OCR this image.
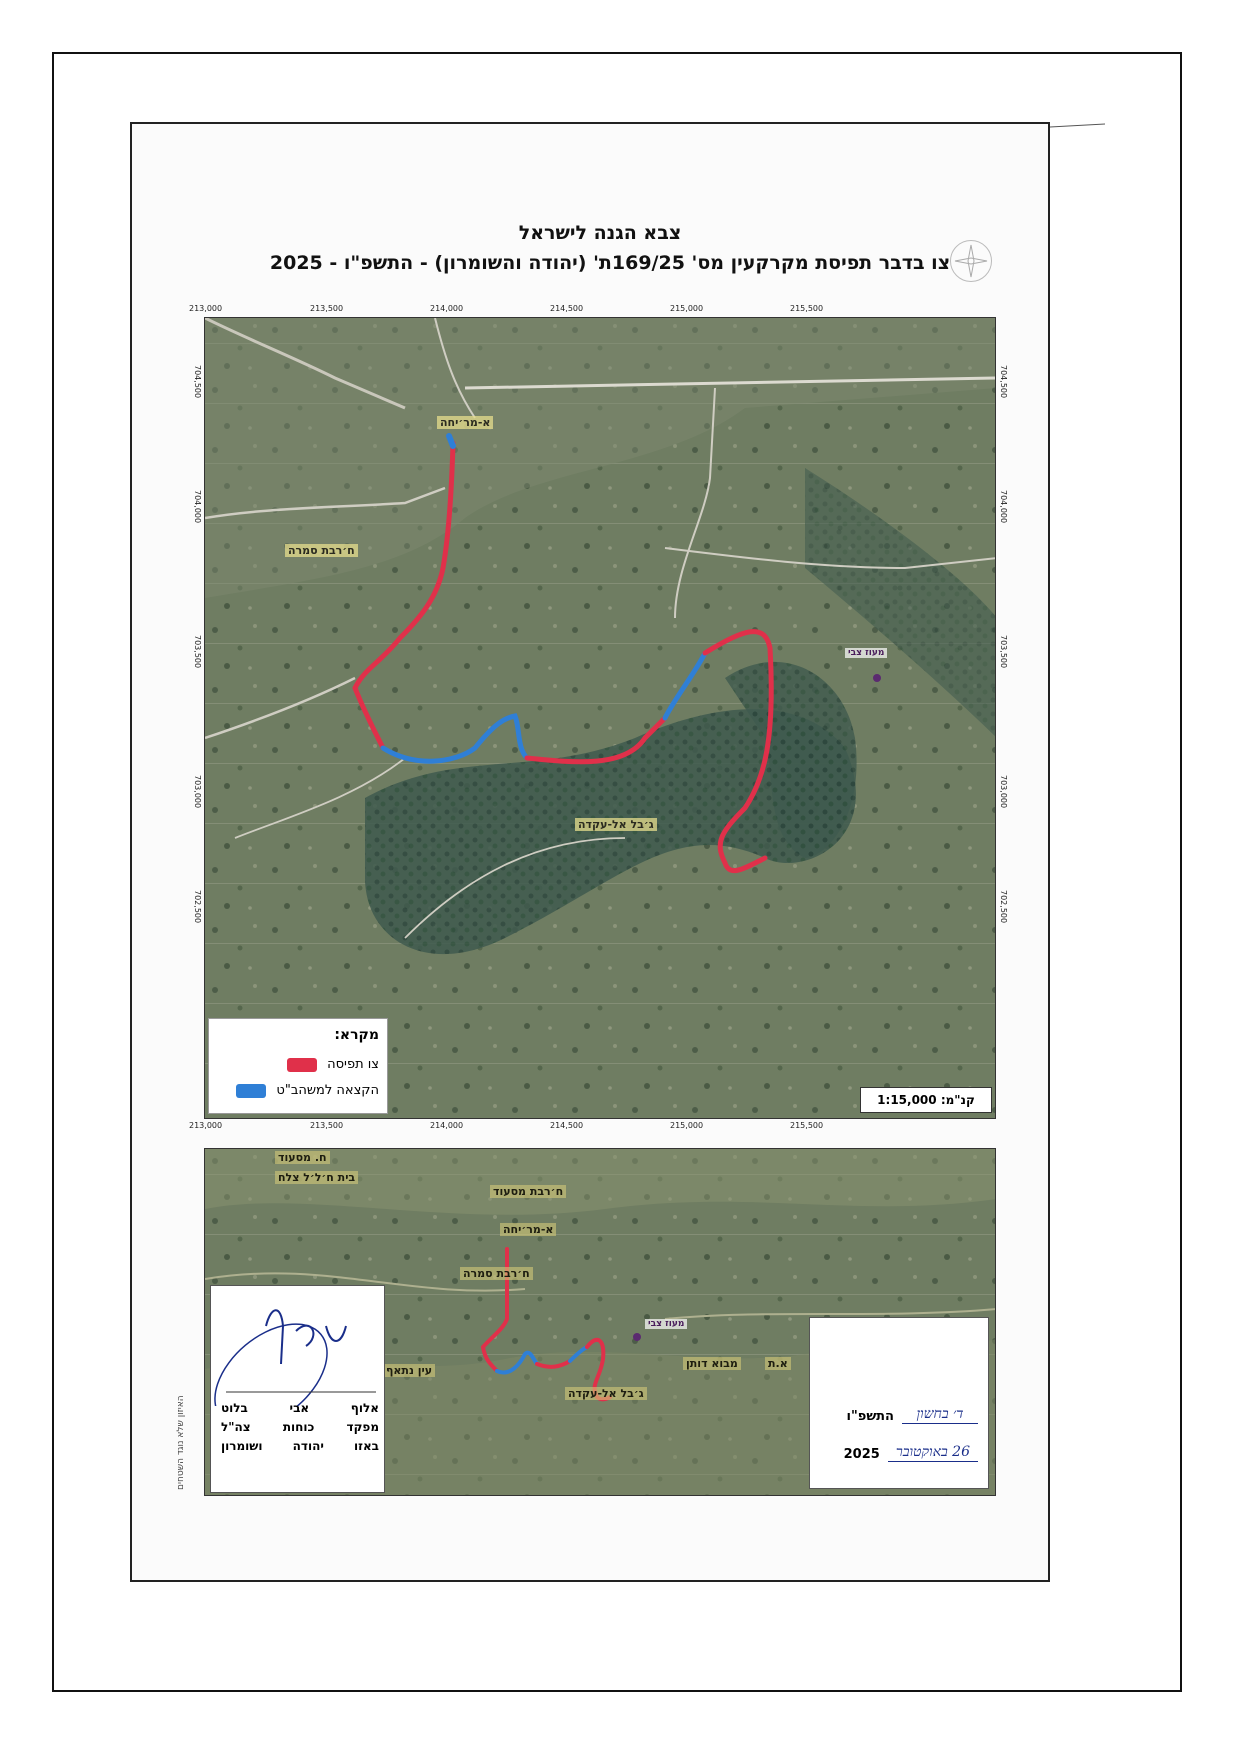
צבא הגנה לישראל
צו בדבר תפיסת מקרקעין מס' 169/25ת' (יהודה והשומרון) - התשפ"ו - 2025
213,000	213,500	214,000	214,500	215,000	215,500
213,000	213,500	214,000	214,500	215,000	215,500
704,500
704,000
703,500
703,000
702,500
704,500
704,000
703,500
703,000
702,500
א-מר׳יחה
ח׳רבת סמרה
ג׳בל אל-עקדה
מעוז צבי
מקרא:
צו תפיסה
הקצאה למשהב"ט
קנ"מ: 1:15,000
ח. מסעוד
בית ח׳ל׳ל צלח
ח׳רבת מסעוד
א-מר׳יחה
ח׳רבת סמרה
מעוז צבי
עין נתאף
ג׳בל אל-עקדה
מבוא דותן	א.ת
אלוף
אבי
בלוט
מפקד
כוחות
צה"ל
באזו
יהודה
ושומרון
ד׳ בחשון
התשפ"ו
26 באוקטובר
2025
האיזון שלא נוגד השטחים
